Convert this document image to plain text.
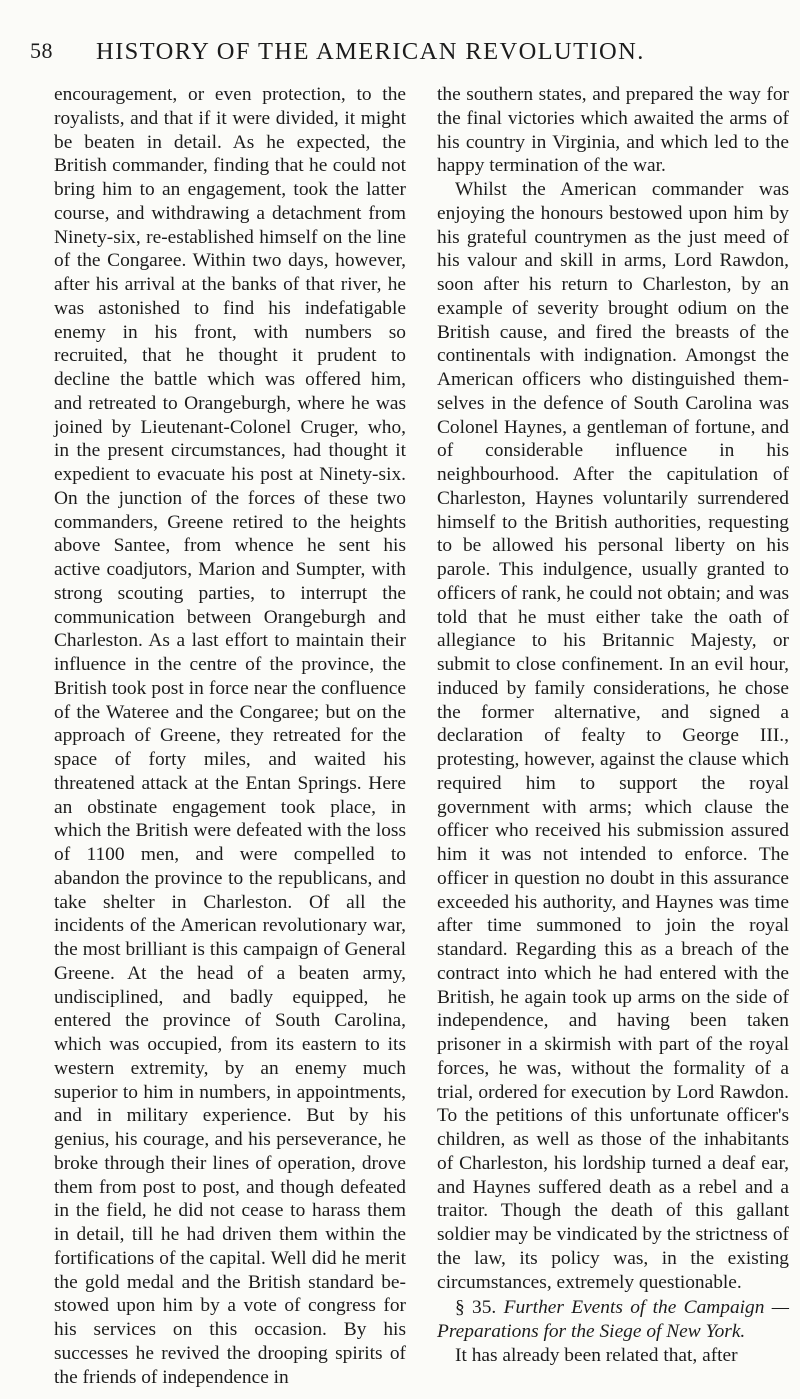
58 HISTORY OF THE AMERICAN REVOLUTION.

encouragement, or even protection, to the royalists, and that if it were divided, it might be beaten in detail. As he expected, the British commander, finding that he could not bring him to an engagement, took the latter course, and withdrawing a detachment from Ninety-six, re-established himself on the line of the Congaree. Within two days, however, after his arrival at the banks of that river, he was astonished to find his indefatigable enemy in his front, with numbers so recruited, that he thought it prudent to decline the battle which was offered him, and retreated to Orangeburgh, where he was joined by Lieutenant-Colonel Cruger, who, in the present circumstances, had thought it expedient to evacuate his post at Ninety-six. On the junction of the forces of these two commanders, Greene retired to the heights above Santee, from whence he sent his active coadjutors, Marion and Sumpter, with strong scouting parties, to interrupt the communication between Orangeburgh and Charleston. As a last effort to maintain their influence in the centre of the province, the British took post in force near the confluence of the Wateree and the Congaree; but on the approach of Greene, they retreated for the space of forty miles, and waited his threatened attack at the Entan Springs. Here an obstinate engagement took place, in which the British were defeated with the loss of 1100 men, and were compelled to abandon the province to the republicans, and take shelter in Charleston. Of all the incidents of the American revolutionary war, the most brilliant is this campaign of General Greene. At the head of a beaten army, undisciplined, and badly equipped, he entered the province of South Carolina, which was occupied, from its eastern to its western extremity, by an enemy much superior to him in numbers, in appointments, and in military experience. But by his genius, his courage, and his perseverance, he broke through their lines of operation, drove them from post to post, and though defeated in the field, he did not cease to harass them in detail, till he had driven them within the fortifications of the capital. Well did he merit the gold medal and the British standard bestowed upon him by a vote of congress for his services on this occasion. By his successes he revived the drooping spirits of the friends of independence in

the southern states, and prepared the way for the final victories which awaited the arms of his country in Virginia, and which led to the happy termination of the war.

Whilst the American commander was enjoying the honours bestowed upon him by his grateful countrymen as the just meed of his valour and skill in arms, Lord Rawdon, soon after his return to Charleston, by an example of severity brought odium on the British cause, and fired the breasts of the continentals with indignation. Amongst the American officers who distinguished themselves in the defence of South Carolina was Colonel Haynes, a gentleman of fortune, and of considerable influence in his neighbourhood. After the capitulation of Charleston, Haynes voluntarily surrendered himself to the British authorities, requesting to be allowed his personal liberty on his parole. This indulgence, usually granted to officers of rank, he could not obtain; and was told that he must either take the oath of allegiance to his Britannic Majesty, or submit to close confinement. In an evil hour, induced by family considerations, he chose the former alternative, and signed a declaration of fealty to George III., protesting, however, against the clause which required him to support the royal government with arms; which clause the officer who received his submission assured him it was not intended to enforce. The officer in question no doubt in this assurance exceeded his authority, and Haynes was time after time summoned to join the royal standard. Regarding this as a breach of the contract into which he had entered with the British, he again took up arms on the side of independence, and having been taken prisoner in a skirmish with part of the royal forces, he was, without the formality of a trial, ordered for execution by Lord Rawdon. To the petitions of this unfortunate officer's children, as well as those of the inhabitants of Charleston, his lordship turned a deaf ear, and Haynes suffered death as a rebel and a traitor. Though the death of this gallant soldier may be vindicated by the strictness of the law, its policy was, in the existing circumstances, extremely questionable.

§ 35. Further Events of the Campaign —Preparations for the Siege of New York.

It has already been related that, after
